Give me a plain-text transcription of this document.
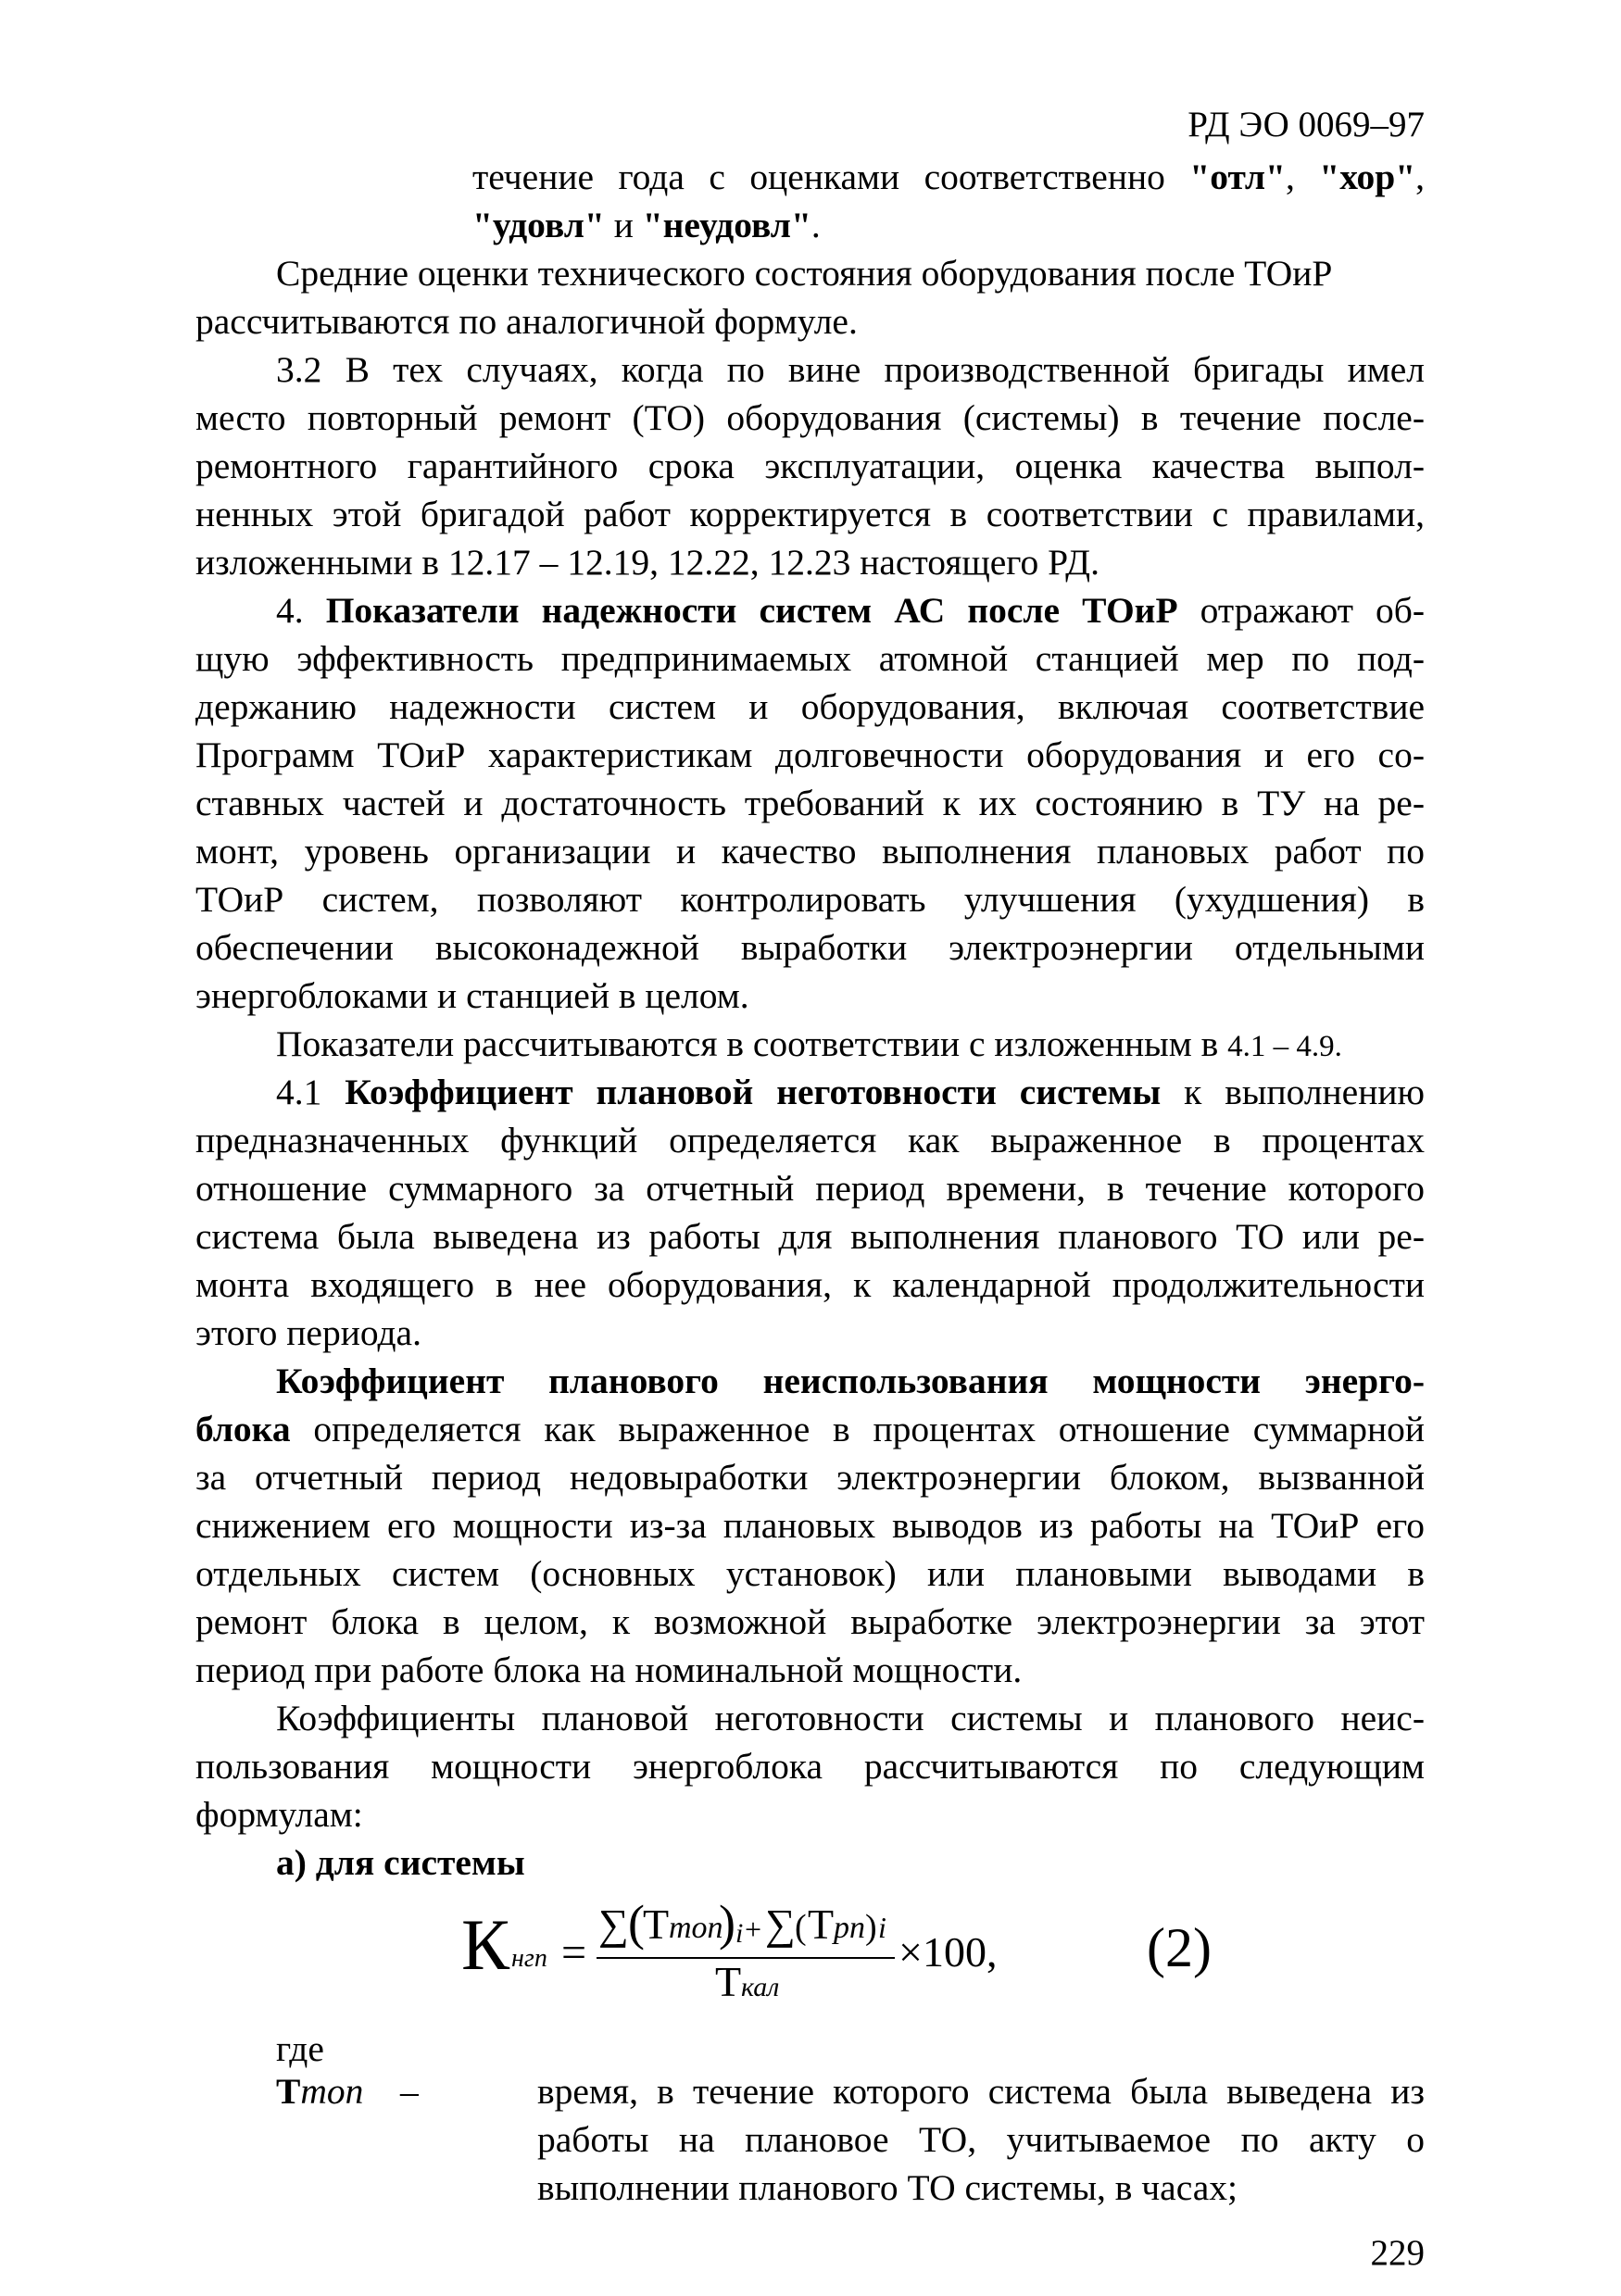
РД ЭО 0069–97
течение года с оценками соответственно "отл", "хор",
"удовл" и "неудовл".
Средние оценки технического состояния оборудования после ТОиР
рассчитываются по аналогичной формуле.
3.2 В тех случаях, когда по вине производственной бригады имел
место повторный ремонт (ТО) оборудования (системы) в течение после-
ремонтного гарантийного срока эксплуатации, оценка качества выпол-
ненных этой бригадой работ корректируется в соответствии с правилами,
изложенными в 12.17 – 12.19, 12.22, 12.23 настоящего РД.
4. Показатели надежности систем АС после ТОиР отражают об-
щую эффективность предпринимаемых атомной станцией мер по под-
держанию надежности систем и оборудования, включая соответствие
Программ ТОиР характеристикам долговечности оборудования и его со-
ставных частей и достаточность требований к их состоянию в ТУ на ре-
монт, уровень организации и качество выполнения плановых работ по
ТОиР систем, позволяют контролировать улучшения (ухудшения) в
обеспечении высоконадежной выработки электроэнергии отдельными
энергоблоками и станцией в целом.
Показатели рассчитываются в соответствии с изложенным в 4.1 – 4.9.
4.1 Коэффициент плановой неготовности системы к выполнению
предназначенных функций определяется как выраженное в процентах
отношение суммарного за отчетный период времени, в течение которого
система была выведена из работы для выполнения планового ТО или ре-
монта входящего в нее оборудования, к календарной продолжительности
этого периода.
Коэффициент планового неиспользования мощности энерго-
блока определяется как выраженное в процентах отношение суммарной
за отчетный период недовыработки электроэнергии блоком, вызванной
снижением его мощности из-за плановых выводов из работы на ТОиР его
отдельных систем (основных установок) или плановыми выводами в
ремонт блока в целом, к возможной выработке электроэнергии за этот
период при работе блока на номинальной мощности.
Коэффициенты плановой неготовности системы и планового неис-
пользования мощности энергоблока рассчитываются по следующим
формулам:
а) для системы
К нгп =
∑ (
Т топ
) i + ∑ ( Т рп ) i
Т кал
×100,	(2)
где
Ттоп –	время, в течение которого система была выведена из
работы на плановое ТО, учитываемое по акту о
выполнении планового ТО системы, в часах;
229
